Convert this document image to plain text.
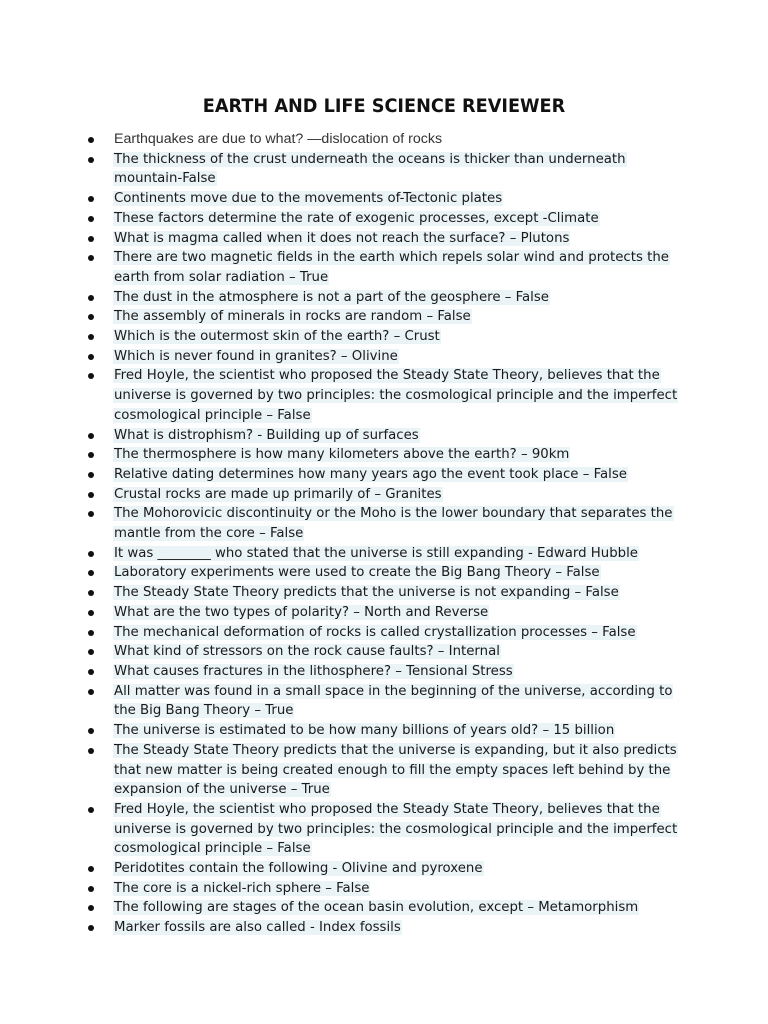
EARTH AND LIFE SCIENCE REVIEWER
Earthquakes are due to what? —dislocation of rocks
The thickness of the crust underneath the oceans is thicker than underneath mountain-False
Continents move due to the movements of-Tectonic plates
These factors determine the rate of exogenic processes, except -Climate
What is magma called when it does not reach the surface? – Plutons
There are two magnetic fields in the earth which repels solar wind and protects the earth from solar radiation – True
The dust in the atmosphere is not a part of the geosphere – False
The assembly of minerals in rocks are random – False
Which is the outermost skin of the earth? – Crust
Which is never found in granites? – Olivine
Fred Hoyle, the scientist who proposed the Steady State Theory, believes that the universe is governed by two principles: the cosmological principle and the imperfect cosmological principle – False
What is distrophism? - Building up of surfaces
The thermosphere is how many kilometers above the earth? – 90km
Relative dating determines how many years ago the event took place – False
Crustal rocks are made up primarily of – Granites
The Mohorovicic discontinuity or the Moho is the lower boundary that separates the mantle from the core – False
It was ________ who stated that the universe is still expanding - Edward Hubble
Laboratory experiments were used to create the Big Bang Theory – False
The Steady State Theory predicts that the universe is not expanding – False
What are the two types of polarity? – North and Reverse
The mechanical deformation of rocks is called crystallization processes – False
What kind of stressors on the rock cause faults? – Internal
What causes fractures in the lithosphere? – Tensional Stress
All matter was found in a small space in the beginning of the universe, according to the Big Bang Theory – True
The universe is estimated to be how many billions of years old? – 15 billion
The Steady State Theory predicts that the universe is expanding, but it also predicts that new matter is being created enough to fill the empty spaces left behind by the expansion of the universe – True
Fred Hoyle, the scientist who proposed the Steady State Theory, believes that the universe is governed by two principles: the cosmological principle and the imperfect cosmological principle – False
Peridotites contain the following - Olivine and pyroxene
The core is a nickel-rich sphere – False
The following are stages of the ocean basin evolution, except – Metamorphism
Marker fossils are also called - Index fossils
